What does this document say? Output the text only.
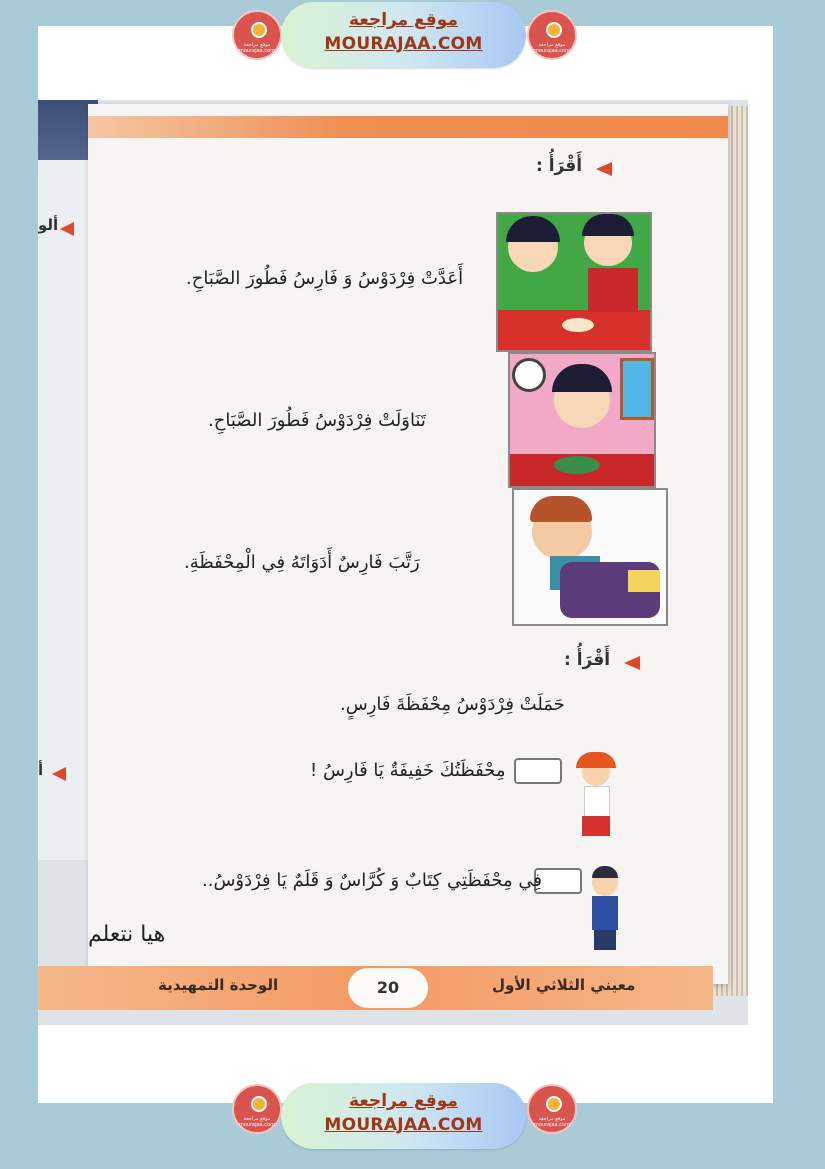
موقع مراجعة mourajaa.com
موقع مراجعة
MOURAJAA.COM	موقع مراجعة mourajaa.com
ألو
أ
أَقْرَأُ :
أَعَدَّتْ فِرْدَوْسُ وَ فَارِسُ فَطُورَ الصَّبَاحِ.
تَنَاوَلَتْ فِرْدَوْسُ فَطُورَ الصَّبَاحِ.
رَتَّبَ فَارِسٌ أَدَوَاتَهُ فِي الْمِحْفَظَةِ.
أَقْرَأُ :
حَمَلَتْ فِرْدَوْسُ مِحْفَظَةَ فَارِسٍ.
مِحْفَظَتُكَ خَفِيفَةٌ يَا فَارِسُ !
فِي مِحْفَظَتِي كِتَابٌ وَ كُرَّاسٌ وَ قَلَمٌ يَا فِرْدَوْسُ..
هيا نتعلم
الوحدة التمهيدية	20	معيني الثلاثي الأول
موقع مراجعة mourajaa.com
موقع مراجعة
MOURAJAA.COM	موقع مراجعة mourajaa.com
